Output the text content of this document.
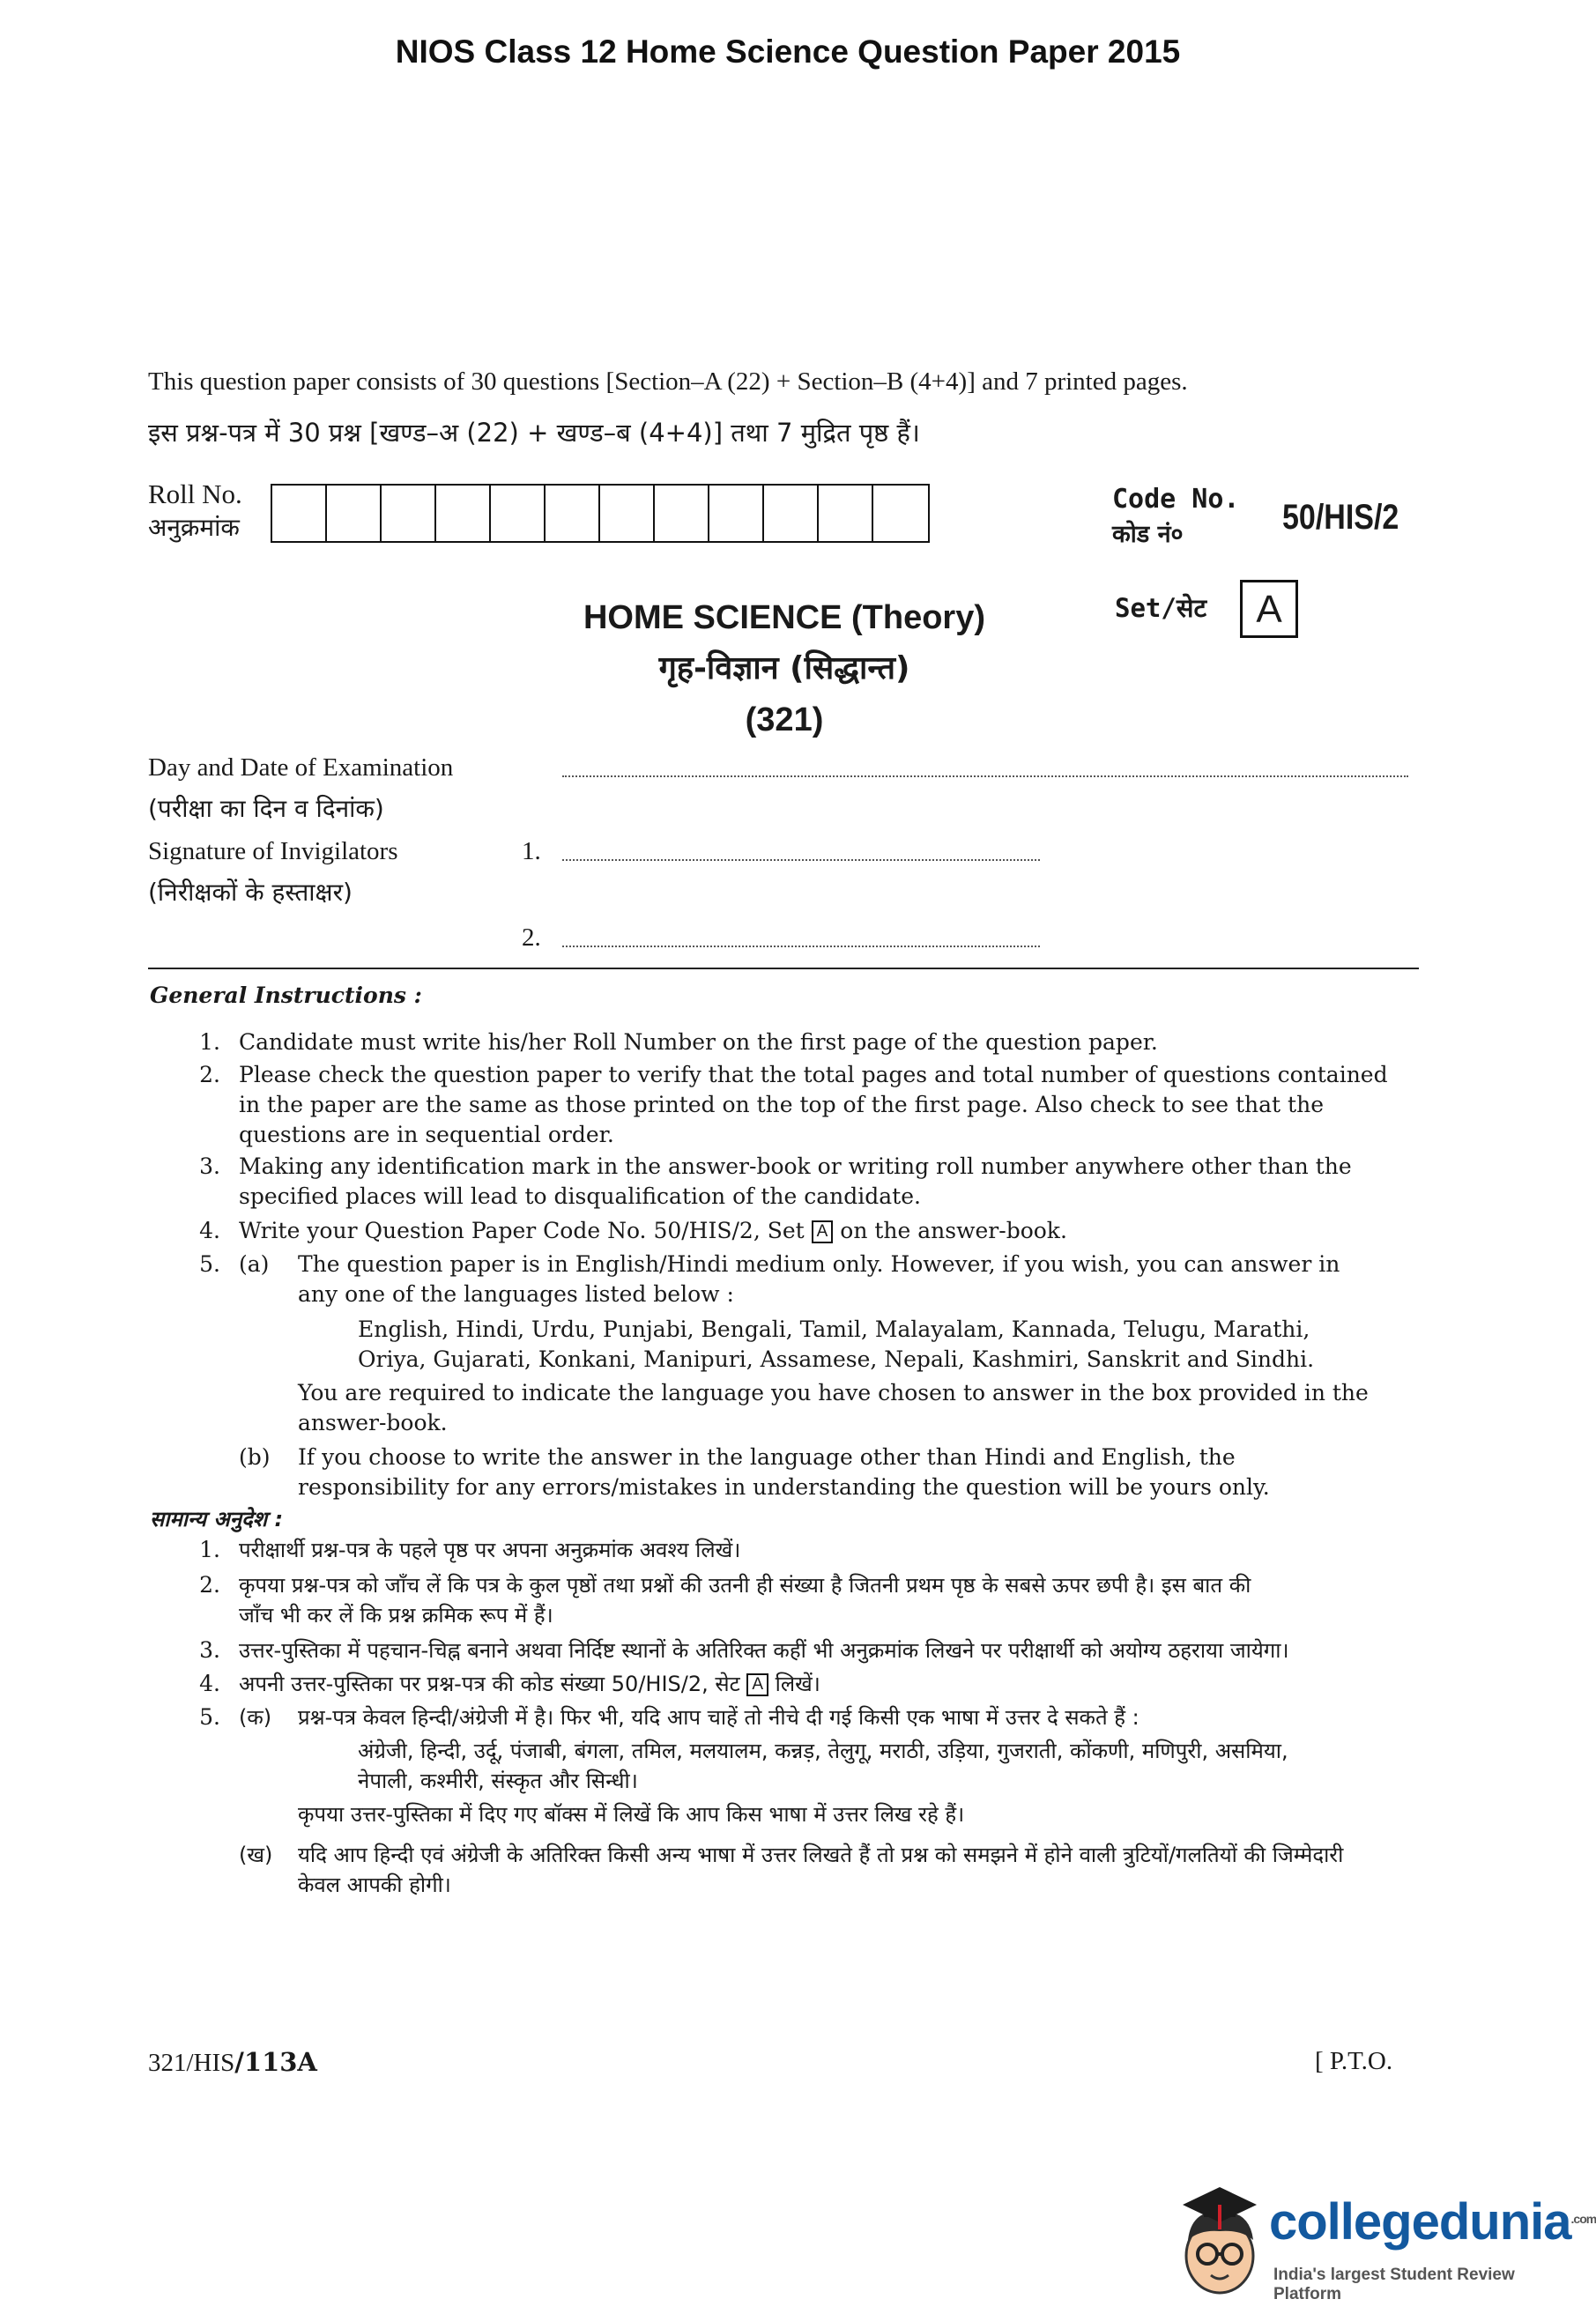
NIOS Class 12 Home Science Question Paper 2015
This question paper consists of 30 questions [Section–A (22) + Section–B (4+4)] and 7 printed pages.
इस प्रश्न-पत्र में 30 प्रश्न [खण्ड–अ (22) + खण्ड–ब (4+4)] तथा 7 मुद्रित पृष्ठ हैं।
Roll No.
अनुक्रमांक
Code No.
कोड नं०	50/HIS/2
HOME SCIENCE (Theory)
गृह-विज्ञान (सिद्धान्त)
(321)
Set/सेट	A
Day and Date of Examination
(परीक्षा का दिन व दिनांक)
Signature of Invigilators	1.
(निरीक्षकों के हस्ताक्षर)
2.
General Instructions :
1. Candidate must write his/her Roll Number on the first page of the question paper.
2. Please check the question paper to verify that the total pages and total number of questions contained
in the paper are the same as those printed on the top of the first page. Also check to see that the
questions are in sequential order.
3. Making any identification mark in the answer-book or writing roll number anywhere other than the
specified places will lead to disqualification of the candidate.
4. Write your Question Paper Code No. 50/HIS/2, Set A on the answer-book.
5. (a) The question paper is in English/Hindi medium only. However, if you wish, you can answer in
any one of the languages listed below :
English, Hindi, Urdu, Punjabi, Bengali, Tamil, Malayalam, Kannada, Telugu, Marathi,
Oriya, Gujarati, Konkani, Manipuri, Assamese, Nepali, Kashmiri, Sanskrit and Sindhi.
You are required to indicate the language you have chosen to answer in the box provided in the
answer-book.
(b) If you choose to write the answer in the language other than Hindi and English, the
responsibility for any errors/mistakes in understanding the question will be yours only.
सामान्य अनुदेश :
1. परीक्षार्थी प्रश्न-पत्र के पहले पृष्ठ पर अपना अनुक्रमांक अवश्य लिखें।
2. कृपया प्रश्न-पत्र को जाँच लें कि पत्र के कुल पृष्ठों तथा प्रश्नों की उतनी ही संख्या है जितनी प्रथम पृष्ठ के सबसे ऊपर छपी है। इस बात की
जाँच भी कर लें कि प्रश्न क्रमिक रूप में हैं।
3. उत्तर-पुस्तिका में पहचान-चिह्न बनाने अथवा निर्दिष्ट स्थानों के अतिरिक्त कहीं भी अनुक्रमांक लिखने पर परीक्षार्थी को अयोग्य ठहराया जायेगा।
4. अपनी उत्तर-पुस्तिका पर प्रश्न-पत्र की कोड संख्या 50/HIS/2, सेट A लिखें।
5. (क) प्रश्न-पत्र केवल हिन्दी/अंग्रेजी में है। फिर भी, यदि आप चाहें तो नीचे दी गई किसी एक भाषा में उत्तर दे सकते हैं :
अंग्रेजी, हिन्दी, उर्दू, पंजाबी, बंगला, तमिल, मलयालम, कन्नड़, तेलुगू, मराठी, उड़िया, गुजराती, कोंकणी, मणिपुरी, असमिया,
नेपाली, कश्मीरी, संस्कृत और सिन्धी।
कृपया उत्तर-पुस्तिका में दिए गए बॉक्स में लिखें कि आप किस भाषा में उत्तर लिख रहे हैं।
(ख) यदि आप हिन्दी एवं अंग्रेजी के अतिरिक्त किसी अन्य भाषा में उत्तर लिखते हैं तो प्रश्न को समझने में होने वाली त्रुटियों/गलतियों की जिम्मेदारी
केवल आपकी होगी।
321/HIS/113A	[ P.T.O.
collegedunia$^{.com}$
India's largest Student Review Platform
